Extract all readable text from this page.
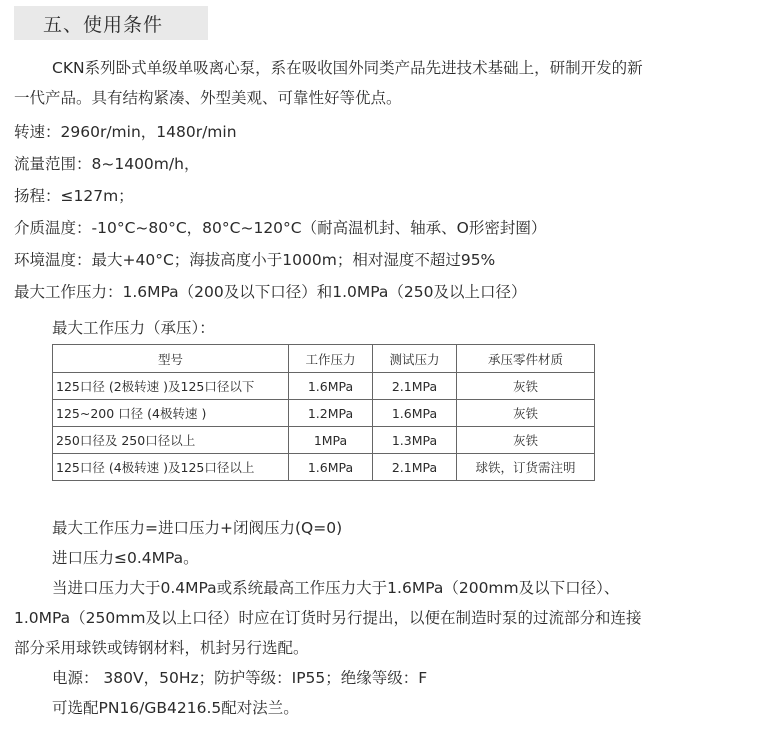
五、使用条件

CKN系列卧式单级单吸离心泵，系在吸收国外同类产品先进技术基础上，研制开发的新

一代产品。具有结构紧凑、外型美观、可靠性好等优点。

转速：2960r/min，1480r/min

流量范围：8~1400m/h，

扬程：≤127m；

介质温度：-10°C~80°C，80°C~120°C（耐高温机封、轴承、O形密封圈）

环境温度：最大+40°C；海拔高度小于1000m；相对湿度不超过95%

最大工作压力：1.6MPa（200及以下口径）和1.0MPa（250及以上口径）

最大工作压力（承压）：

型号	工作压力	测试压力	承压零件材质
125口径 (2极转速 )及125口径以下	1.6MPa	2.1MPa	灰铁
125~200 口径 (4极转速 )	1.2MPa	1.6MPa	灰铁
250口径及 250口径以上	1MPa	1.3MPa	灰铁
125口径 (4极转速 )及125口径以上	1.6MPa	2.1MPa	球铁，订货需注明

最大工作压力=进口压力+闭阀压力(Q=0)

进口压力≤0.4MPa。

当进口压力大于0.4MPa或系统最高工作压力大于1.6MPa（200mm及以下口径）、

1.0MPa（250mm及以上口径）时应在订货时另行提出，以便在制造时泵的过流部分和连接

部分采用球铁或铸钢材料，机封另行选配。

电源： 380V，50Hz；防护等级：IP55；绝缘等级：F

可选配PN16/GB4216.5配对法兰。
